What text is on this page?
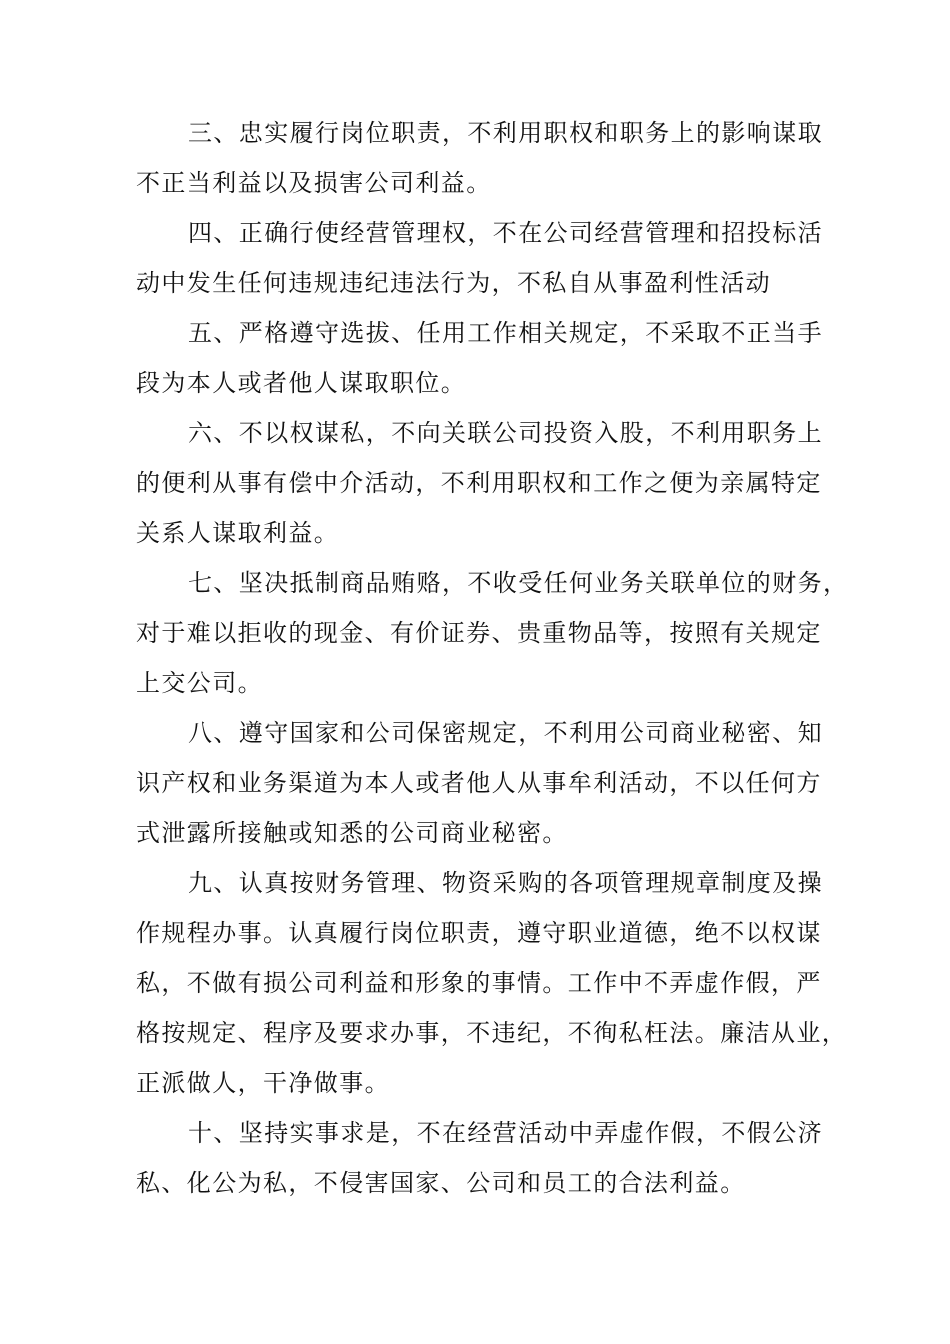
三、忠实履行岗位职责，不利用职权和职务上的影响谋取
不正当利益以及损害公司利益。

四、正确行使经营管理权，不在公司经营管理和招投标活
动中发生任何违规违纪违法行为，不私自从事盈利性活动

五、严格遵守选拔、任用工作相关规定，不采取不正当手
段为本人或者他人谋取职位。

六、不以权谋私，不向关联公司投资入股，不利用职务上
的便利从事有偿中介活动，不利用职权和工作之便为亲属特定
关系人谋取利益。

七、坚决抵制商品贿赂，不收受任何业务关联单位的财务，
对于难以拒收的现金、有价证券、贵重物品等，按照有关规定
上交公司。

八、遵守国家和公司保密规定，不利用公司商业秘密、知
识产权和业务渠道为本人或者他人从事牟利活动，不以任何方
式泄露所接触或知悉的公司商业秘密。

九、认真按财务管理、物资采购的各项管理规章制度及操
作规程办事。认真履行岗位职责，遵守职业道德，绝不以权谋
私，不做有损公司利益和形象的事情。工作中不弄虚作假，严
格按规定、程序及要求办事，不违纪，不徇私枉法。廉洁从业，
正派做人，干净做事。

十、坚持实事求是，不在经营活动中弄虚作假，不假公济
私、化公为私，不侵害国家、公司和员工的合法利益。
